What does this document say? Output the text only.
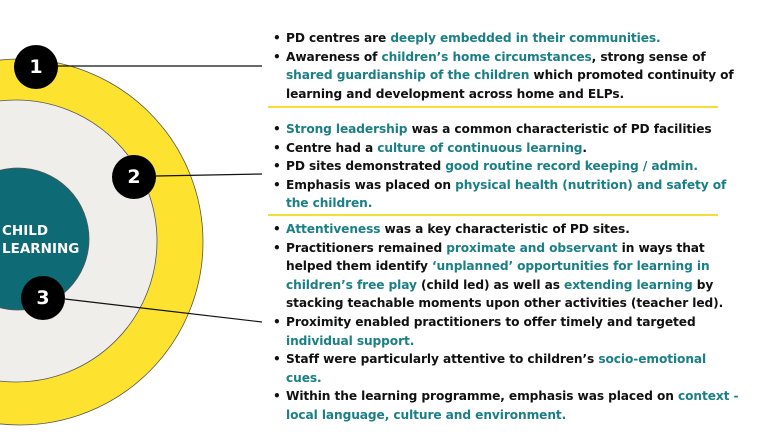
CHILD
LEARNING
1
2
3
• PD centres are deeply embedded in their communities.
• Awareness of children’s home circumstances, strong sense of shared guardianship of the children which promoted continuity of learning and development across home and ELPs.
• Strong leadership was a common characteristic of PD facilities
• Centre had a culture of continuous learning.
• PD sites demonstrated good routine record keeping / admin.
• Emphasis was placed on physical health (nutrition) and safety of the children.
• Attentiveness was a key characteristic of PD sites.
• Practitioners remained proximate and observant in ways that helped them identify ‘unplanned’ opportunities for learning in children’s free play (child led) as well as extending learning by stacking teachable moments upon other activities (teacher led).
• Proximity enabled practitioners to offer timely and targeted individual support.
• Staff were particularly attentive to children’s socio-emotional cues.
• Within the learning programme, emphasis was placed on context - local language, culture and environment.
